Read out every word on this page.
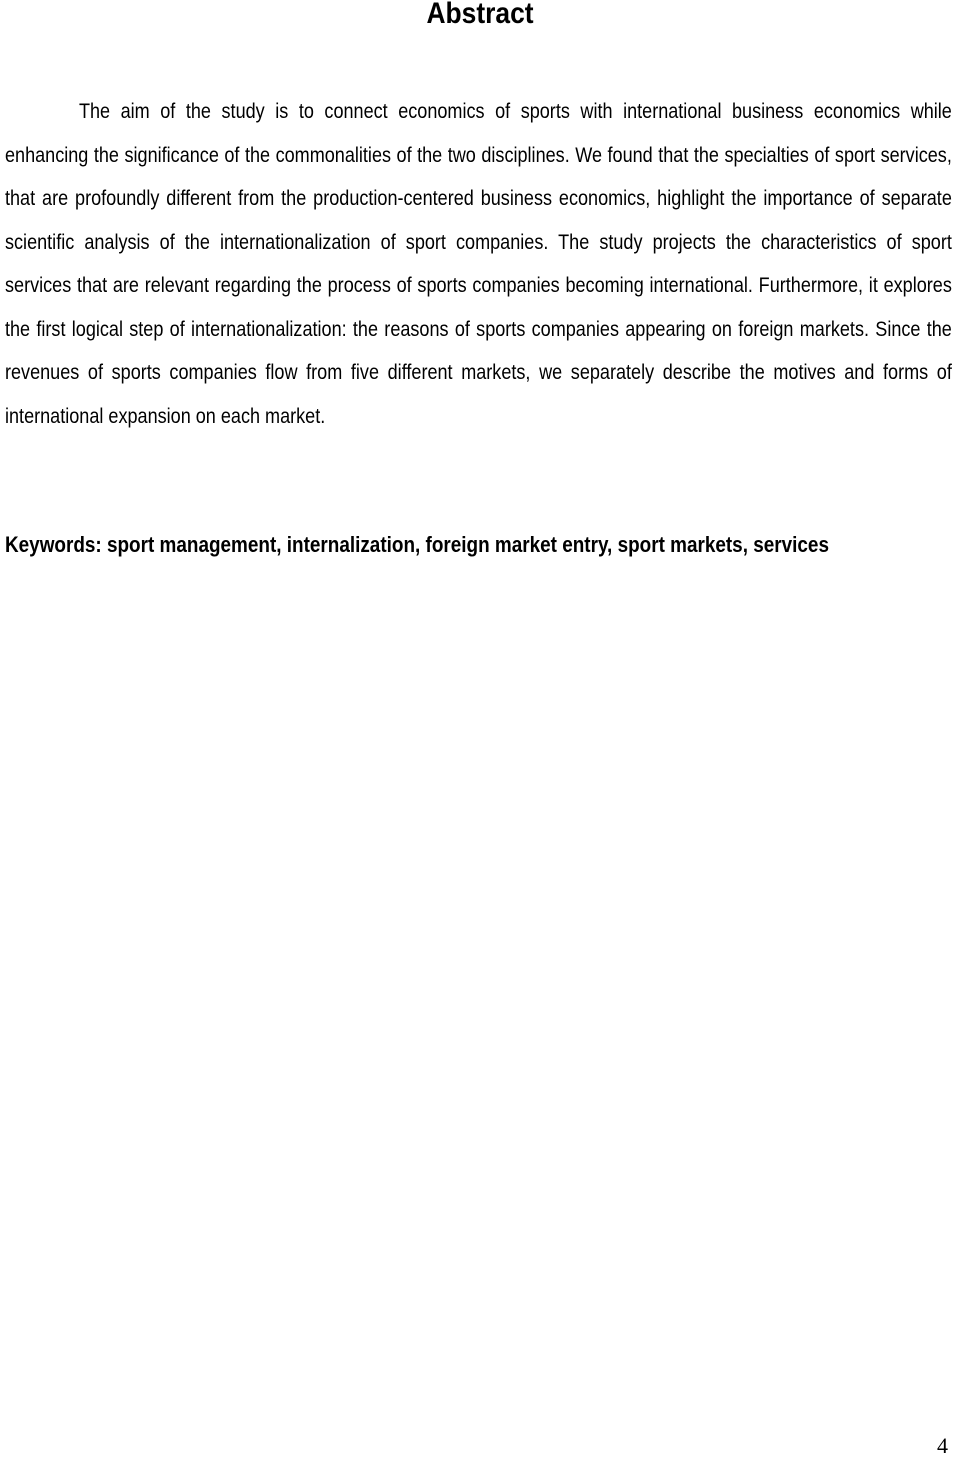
Abstract

The aim of the study is to connect economics of sports with international business economics while enhancing the significance of the commonalities of the two disciplines. We found that the specialties of sport services, that are profoundly different from the production-centered business economics, highlight the importance of separate scientific analysis of the internationalization of sport companies. The study projects the characteristics of sport services that are relevant regarding the process of sports companies becoming international. Furthermore, it explores the first logical step of internationalization: the reasons of sports companies appearing on foreign markets. Since the revenues of sports companies flow from five different markets, we separately describe the motives and forms of international expansion on each market.

Keywords: sport management, internalization, foreign market entry, sport markets, services
4
